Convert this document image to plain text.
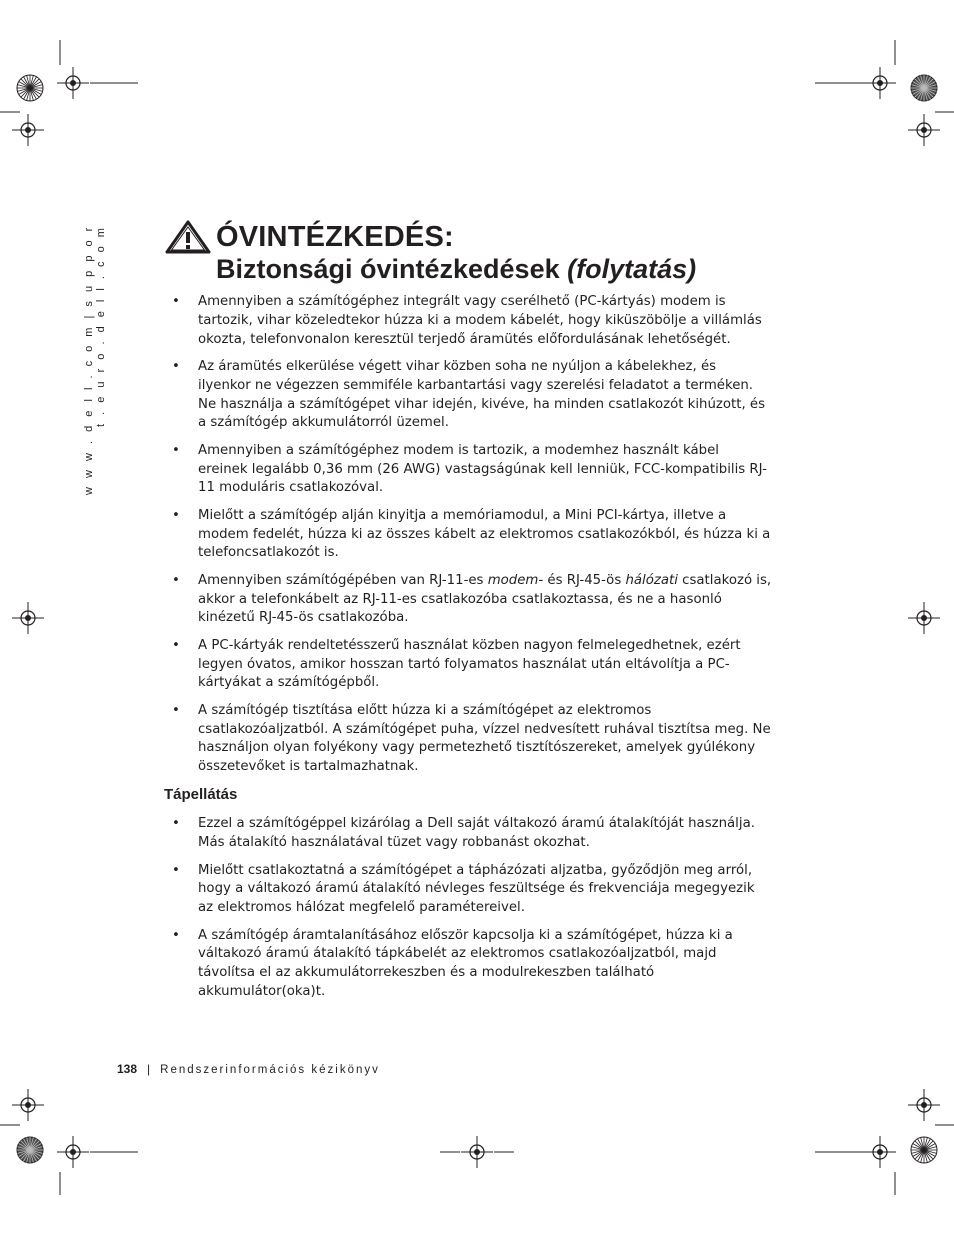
w w w . d e l l . c o m | s u p p o r t . e u r o . d e l l . c o m	ÓVINTÉZKEDÉS:
Biztonsági óvintézkedések (folytatás)
• Amennyiben a számítógéphez integrált vagy cserélhető (PC-kártyás) modem is tartozik, vihar közeledtekor húzza ki a modem kábelét, hogy kiküszöbölje a villámlás okozta, telefonvonalon keresztül terjedő áramütés előfordulásának lehetőségét.
• Az áramütés elkerülése végett vihar közben soha ne nyúljon a kábelekhez, és ilyenkor ne végezzen semmiféle karbantartási vagy szerelési feladatot a terméken. Ne használja a számítógépet vihar idején, kivéve, ha minden csatlakozót kihúzott, és a számítógép akkumulátorról üzemel.
• Amennyiben a számítógéphez modem is tartozik, a modemhez használt kábel ereinek legalább 0,36 mm (26 AWG) vastagságúnak kell lenniük, FCC-kompatibilis RJ-11 moduláris csatlakozóval.
• Mielőtt a számítógép alján kinyitja a memóriamodul, a Mini PCI-kártya, illetve a modem fedelét, húzza ki az összes kábelt az elektromos csatlakozókból, és húzza ki a telefoncsatlakozót is.
• Amennyiben számítógépében van RJ-11-es modem- és RJ-45-ös hálózati csatlakozó is, akkor a telefonkábelt az RJ-11-es csatlakozóba csatlakoztassa, és ne a hasonló kinézetű RJ-45-ös csatlakozóba.
• A PC-kártyák rendeltetésszerű használat közben nagyon felmelegedhetnek, ezért legyen óvatos, amikor hosszan tartó folyamatos használat után eltávolítja a PC-kártyákat a számítógépből.
• A számítógép tisztítása előtt húzza ki a számítógépet az elektromos csatlakozóaljzatból. A számítógépet puha, vízzel nedvesített ruhával tisztítsa meg. Ne használjon olyan folyékony vagy permetezhető tisztítószereket, amelyek gyúlékony összetevőket is tartalmazhatnak.
Tápellátás
• Ezzel a számítógéppel kizárólag a Dell saját váltakozó áramú átalakítóját használja. Más átalakító használatával tüzet vagy robbanást okozhat.
• Mielőtt csatlakoztatná a számítógépet a tápházózati aljzatba, győződjön meg arról, hogy a váltakozó áramú átalakító névleges feszültsége és frekvenciája megegyezik az elektromos hálózat megfelelő paramétereivel.
• A számítógép áramtalanításához először kapcsolja ki a számítógépet, húzza ki a váltakozó áramú átalakító tápkábelét az elektromos csatlakozóaljzatból, majd távolítsa el az akkumulátorrekeszben és a modulrekeszben található akkumulátor(oka)t.
138 | Rendszerinformációs kézikönyv
